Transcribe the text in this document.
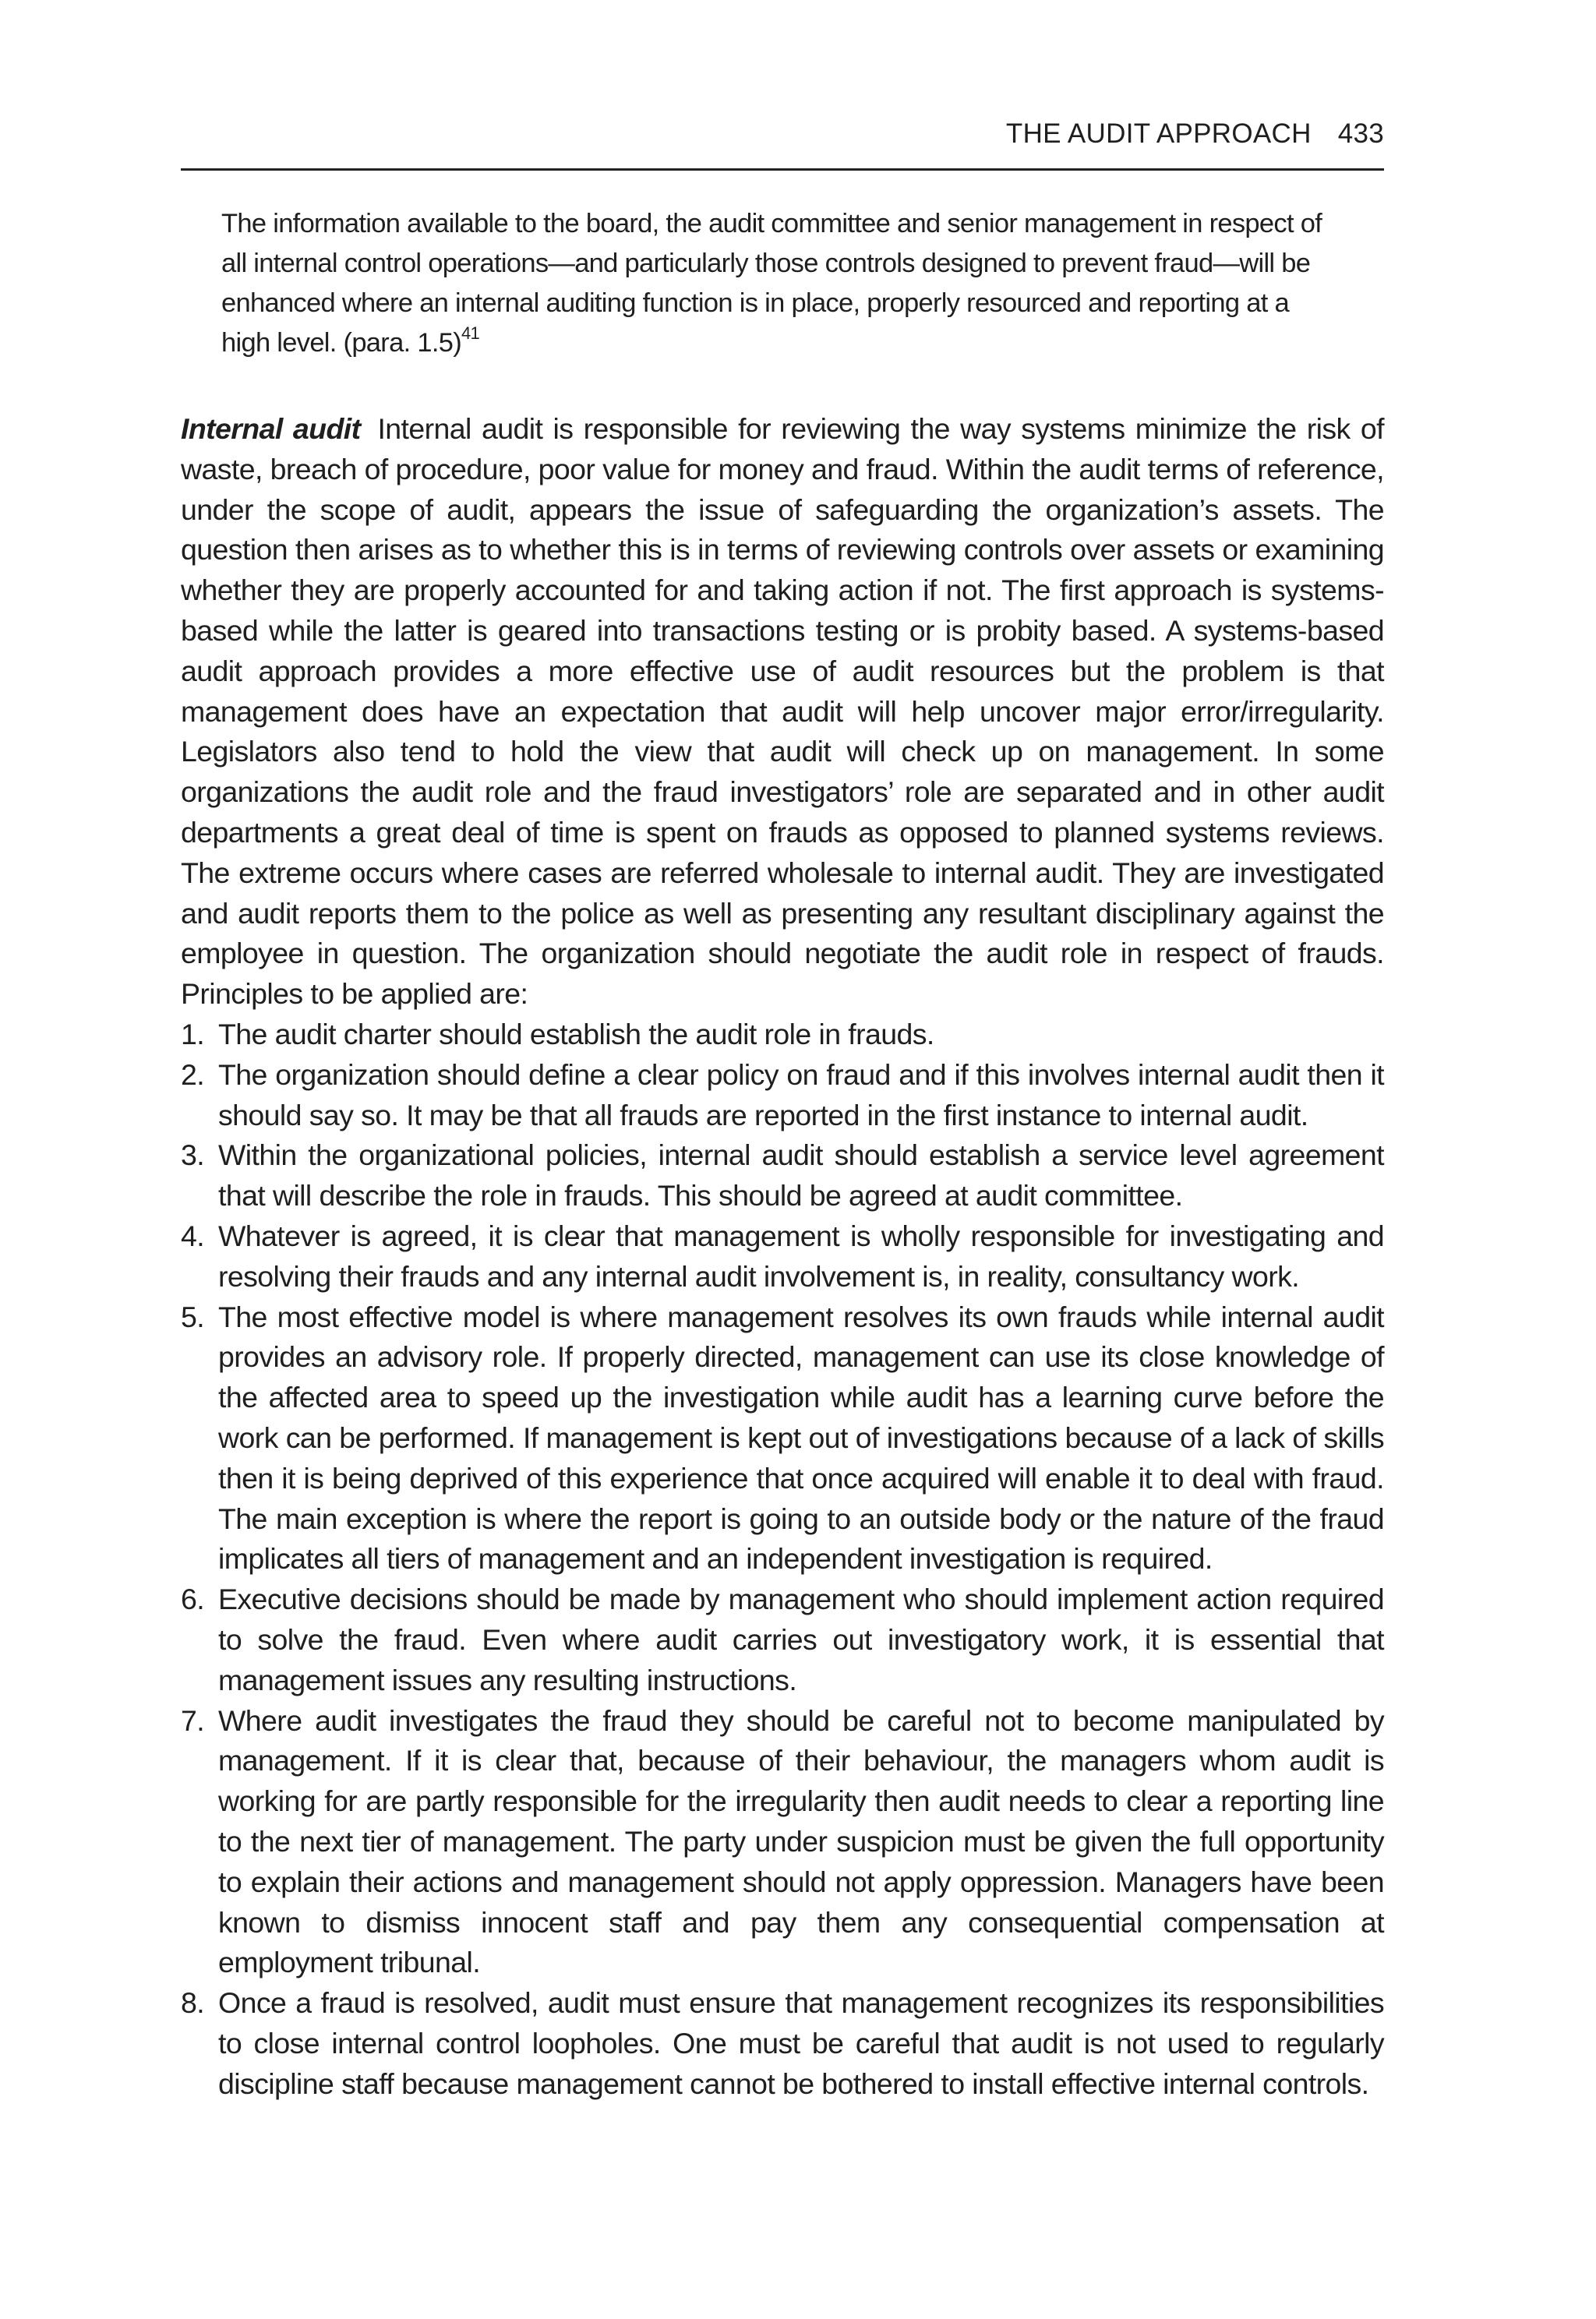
THE AUDIT APPROACH 433

The information available to the board, the audit committee and senior management in respect of all internal control operations—and particularly those controls designed to prevent fraud—will be enhanced where an internal auditing function is in place, properly resourced and reporting at a high level. (para. 1.5)$^{41}$

Internal audit Internal audit is responsible for reviewing the way systems minimize the risk of waste, breach of procedure, poor value for money and fraud. Within the audit terms of reference, under the scope of audit, appears the issue of safeguarding the organization’s assets. The question then arises as to whether this is in terms of reviewing controls over assets or examining whether they are properly accounted for and taking action if not. The first approach is systems-based while the latter is geared into transactions testing or is probity based. A systems-based audit approach provides a more effective use of audit resources but the problem is that management does have an expectation that audit will help uncover major error/irregularity. Legislators also tend to hold the view that audit will check up on management. In some organizations the audit role and the fraud investigators’ role are separated and in other audit departments a great deal of time is spent on frauds as opposed to planned systems reviews. The extreme occurs where cases are referred wholesale to internal audit. They are investigated and audit reports them to the police as well as presenting any resultant disciplinary against the employee in question. The organization should negotiate the audit role in respect of frauds. Principles to be applied are:

1. The audit charter should establish the audit role in frauds.
2. The organization should define a clear policy on fraud and if this involves internal audit then it should say so. It may be that all frauds are reported in the first instance to internal audit.
3. Within the organizational policies, internal audit should establish a service level agreement that will describe the role in frauds. This should be agreed at audit committee.
4. Whatever is agreed, it is clear that management is wholly responsible for investigating and resolving their frauds and any internal audit involvement is, in reality, consultancy work.
5. The most effective model is where management resolves its own frauds while internal audit provides an advisory role. If properly directed, management can use its close knowledge of the affected area to speed up the investigation while audit has a learning curve before the work can be performed. If management is kept out of investigations because of a lack of skills then it is being deprived of this experience that once acquired will enable it to deal with fraud. The main exception is where the report is going to an outside body or the nature of the fraud implicates all tiers of management and an independent investigation is required.
6. Executive decisions should be made by management who should implement action required to solve the fraud. Even where audit carries out investigatory work, it is essential that management issues any resulting instructions.
7. Where audit investigates the fraud they should be careful not to become manipulated by management. If it is clear that, because of their behaviour, the managers whom audit is working for are partly responsible for the irregularity then audit needs to clear a reporting line to the next tier of management. The party under suspicion must be given the full opportunity to explain their actions and management should not apply oppression. Managers have been known to dismiss innocent staff and pay them any consequential compensation at employment tribunal.
8. Once a fraud is resolved, audit must ensure that management recognizes its responsibilities to close internal control loopholes. One must be careful that audit is not used to regularly discipline staff because management cannot be bothered to install effective internal controls.
